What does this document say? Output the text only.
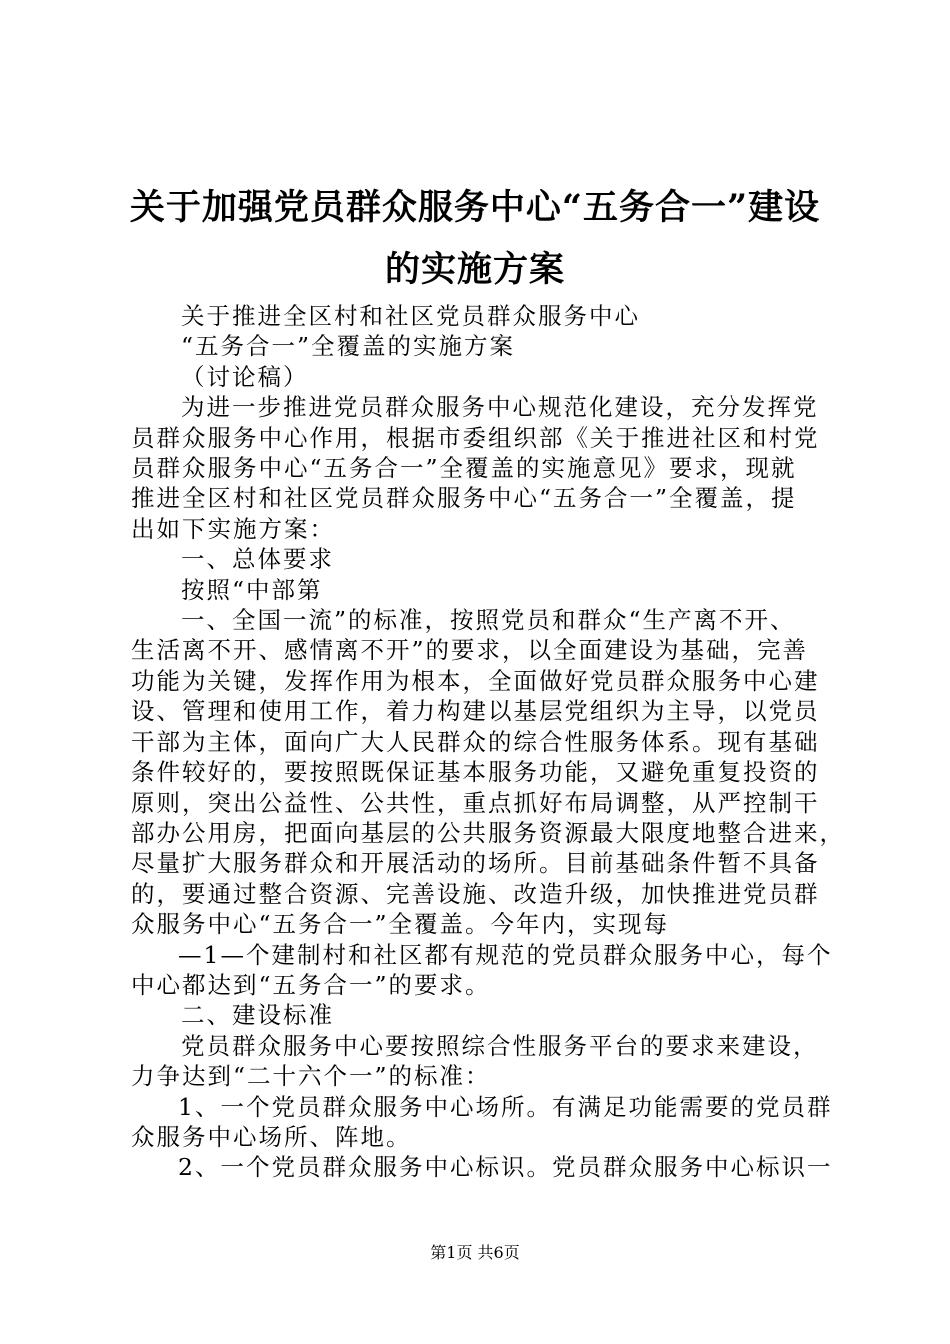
关于加强党员群众服务中心“五务合一”建设
的实施方案

关于推进全区村和社区党员群众服务中心

“五务合一”全覆盖的实施方案

（讨论稿）

为进一步推进党员群众服务中心规范化建设，充分发挥党

员群众服务中心作用，根据市委组织部《关于推进社区和村党

员群众服务中心“五务合一”全覆盖的实施意见》要求，现就

推进全区村和社区党员群众服务中心“五务合一”全覆盖，提

出如下实施方案：

一、总体要求

按照“中部第

一、全国一流”的标准，按照党员和群众“生产离不开、

生活离不开、感情离不开”的要求，以全面建设为基础，完善

功能为关键，发挥作用为根本，全面做好党员群众服务中心建

设、管理和使用工作，着力构建以基层党组织为主导，以党员

干部为主体，面向广大人民群众的综合性服务体系。现有基础

条件较好的，要按照既保证基本服务功能，又避免重复投资的

原则，突出公益性、公共性，重点抓好布局调整，从严控制干

部办公用房，把面向基层的公共服务资源最大限度地整合进来，

尽量扩大服务群众和开展活动的场所。目前基础条件暂不具备

的，要通过整合资源、完善设施、改造升级，加快推进党员群

众服务中心“五务合一”全覆盖。今年内，实现每

—1—个建制村和社区都有规范的党员群众服务中心，每个

中心都达到“五务合一”的要求。

二、建设标准

党员群众服务中心要按照综合性服务平台的要求来建设，

力争达到“二十六个一”的标准：

1、一个党员群众服务中心场所。有满足功能需要的党员群

众服务中心场所、阵地。

2、一个党员群众服务中心标识。党员群众服务中心标识一

第1页 共6页
